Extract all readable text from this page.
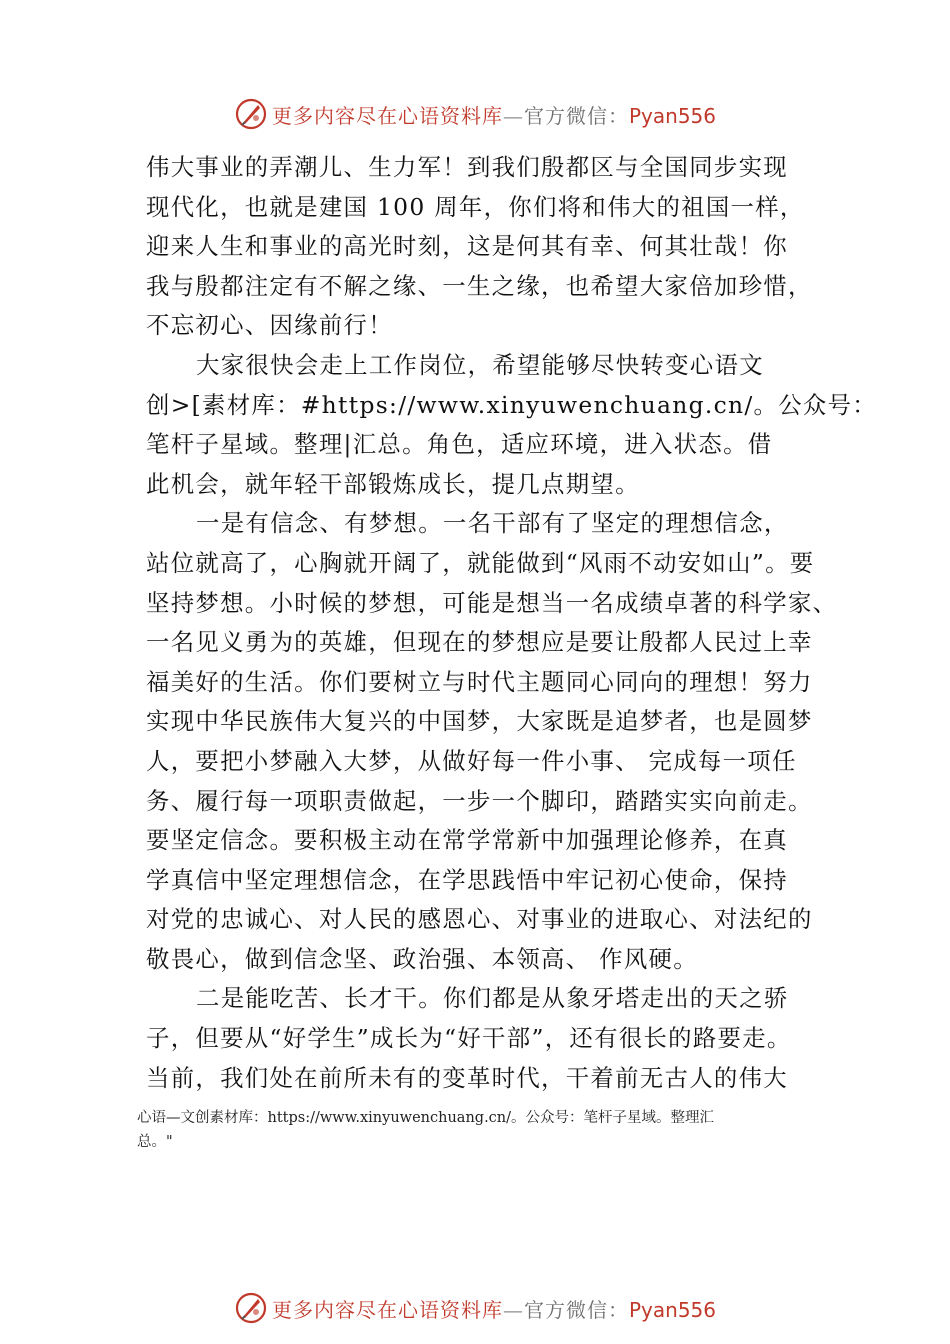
更多内容尽在心语资料库—官方微信：Pyan556
伟大事业的弄潮儿、生力军！到我们殷都区与全国同步实现
现代化，也就是建国 100 周年，你们将和伟大的祖国一样，
迎来人生和事业的高光时刻，这是何其有幸、何其壮哉！你
我与殷都注定有不解之缘、一生之缘，也希望大家倍加珍惜，
不忘初心、因缘前行！
大家很快会走上工作岗位，希望能够尽快转变心语文
创>[素材库：#https://www.xinyuwenchuang.cn/。公众号：
笔杆子星域。整理|汇总。角色，适应环境，进入状态。借
此机会，就年轻干部锻炼成长，提几点期望。
一是有信念、有梦想。一名干部有了坚定的理想信念，
站位就高了，心胸就开阔了，就能做到“风雨不动安如山”。要
坚持梦想。小时候的梦想，可能是想当一名成绩卓著的科学家、
一名见义勇为的英雄，但现在的梦想应是要让殷都人民过上幸
福美好的生活。你们要树立与时代主题同心同向的理想！努力
实现中华民族伟大复兴的中国梦，大家既是追梦者，也是圆梦
人，要把小梦融入大梦，从做好每一件小事、 完成每一项任
务、履行每一项职责做起，一步一个脚印，踏踏实实向前走。
要坚定信念。要积极主动在常学常新中加强理论修养，在真
学真信中坚定理想信念，在学思践悟中牢记初心使命，保持
对党的忠诚心、对人民的感恩心、对事业的进取心、对法纪的
敬畏心，做到信念坚、政治强、本领高、 作风硬。
二是能吃苦、长才干。你们都是从象牙塔走出的天之骄
子，但要从“好学生”成长为“好干部”，还有很长的路要走。
当前，我们处在前所未有的变革时代，干着前无古人的伟大
心语—文创素材库：https://www.xinyuwenchuang.cn/。公众号：笔杆子星域。整理汇
总。"
更多内容尽在心语资料库—官方微信：Pyan556
